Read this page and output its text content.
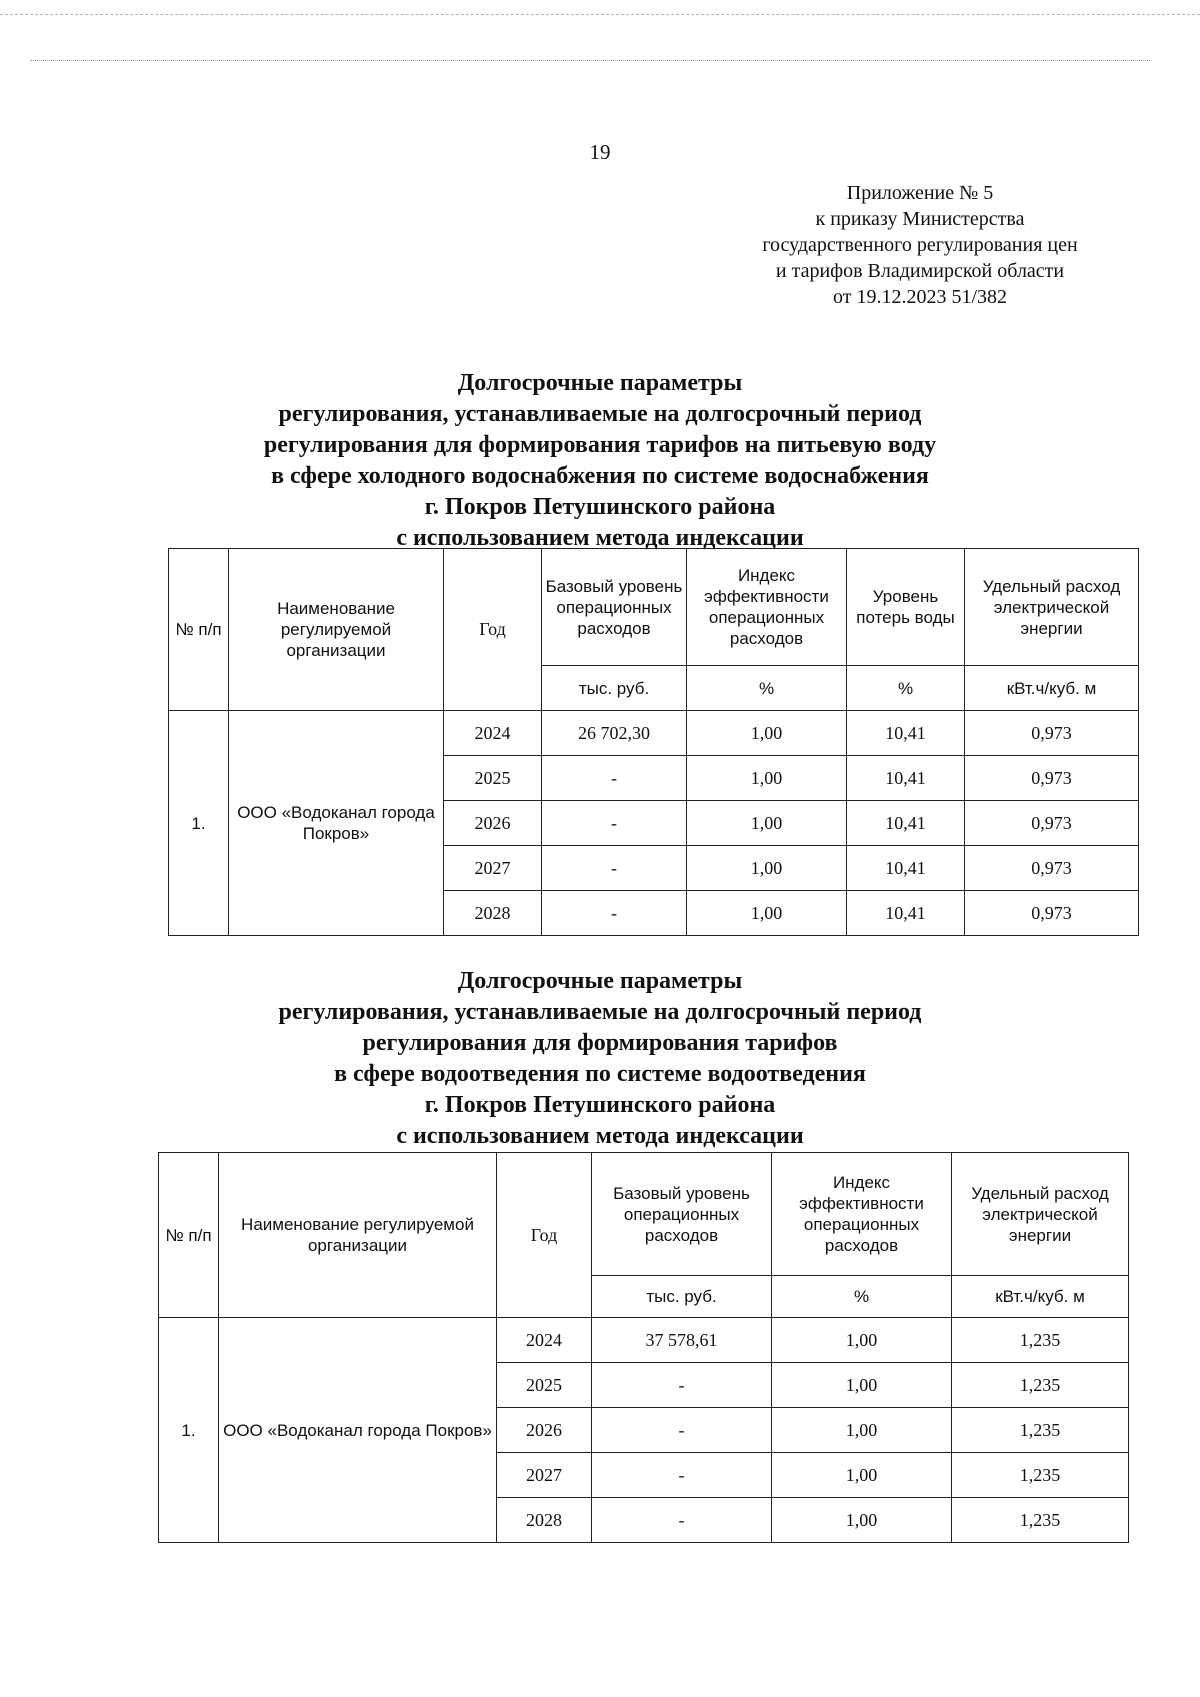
19
Приложение № 5
к приказу Министерства
государственного регулирования цен
и тарифов Владимирской области
от 19.12.2023 51/382
Долгосрочные параметры
регулирования, устанавливаемые на долгосрочный период
регулирования для формирования тарифов на питьевую воду
в сфере холодного водоснабжения по системе водоснабжения
г. Покров Петушинского района
с использованием метода индексации
№ п/п	Наименование регулируемой организации	Год	Базовый уровень операционных расходов	Индекс эффективности операционных расходов	Уровень потерь воды	Удельный расход электрической энергии
			тыс. руб.	%	%	кВт.ч/куб. м
1.	ООО «Водоканал города Покров»	2024	26 702,30	1,00	10,41	0,973
		2025	-	1,00	10,41	0,973
		2026	-	1,00	10,41	0,973
		2027	-	1,00	10,41	0,973
		2028	-	1,00	10,41	0,973
Долгосрочные параметры
регулирования, устанавливаемые на долгосрочный период
регулирования для формирования тарифов
в сфере водоотведения по системе водоотведения
г. Покров Петушинского района
с использованием метода индексации
№ п/п	Наименование регулируемой организации	Год	Базовый уровень операционных расходов	Индекс эффективности операционных расходов	Удельный расход электрической энергии
			тыс. руб.	%	кВт.ч/куб. м
1.	ООО «Водоканал города Покров»	2024	37 578,61	1,00	1,235
		2025	-	1,00	1,235
		2026	-	1,00	1,235
		2027	-	1,00	1,235
		2028	-	1,00	1,235
